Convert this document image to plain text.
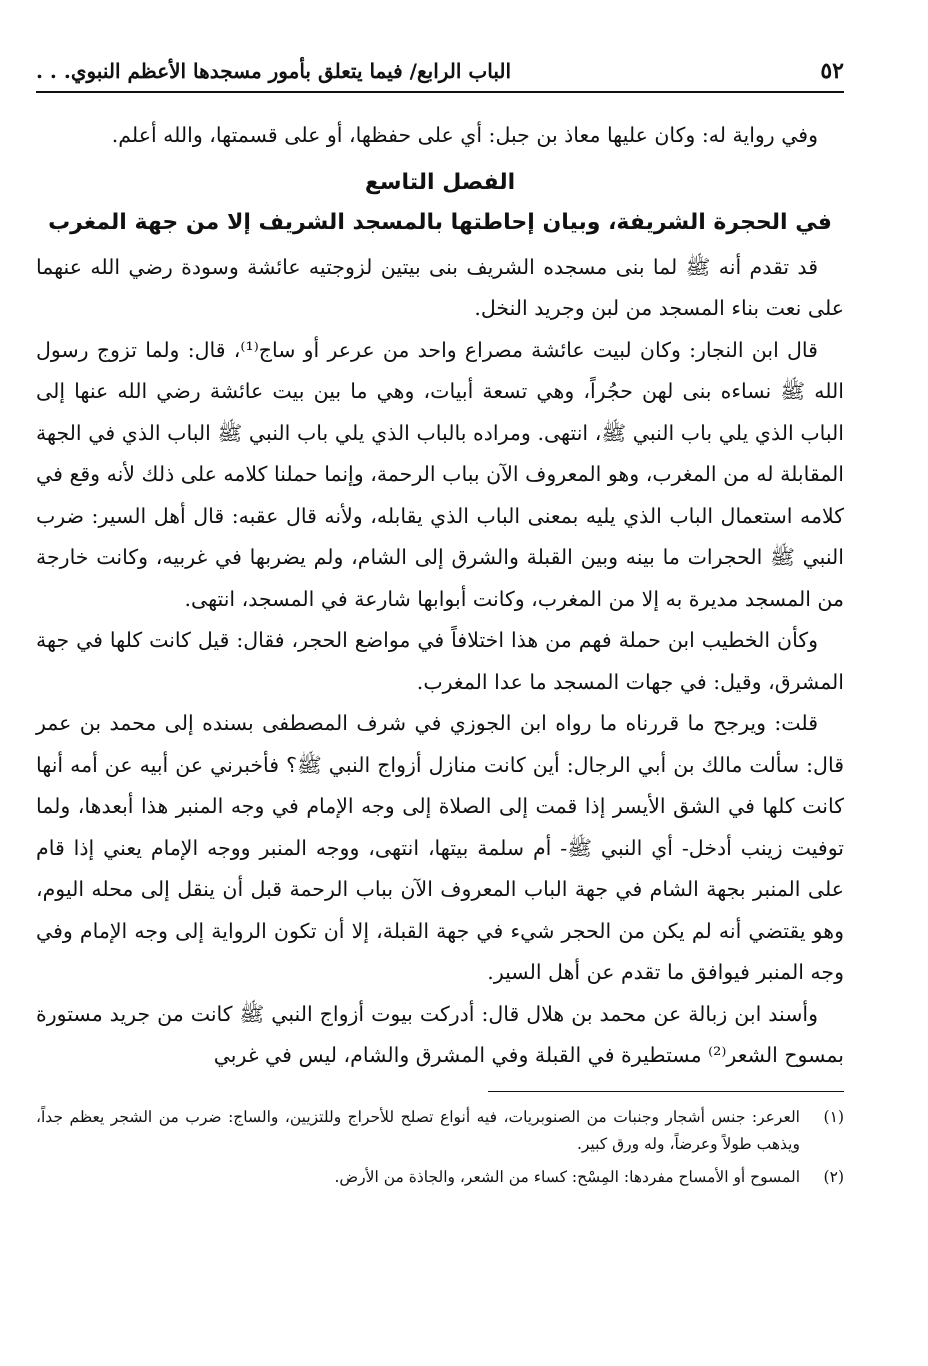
٥٢
الباب الرابع/ فيما يتعلق بأمور مسجدها الأعظم النبوي. . .

وفي رواية له: وكان عليها معاذ بن جبل: أي على حفظها، أو على قسمتها، والله أعلم.

الفصل التاسع
في الحجرة الشريفة، وبيان إحاطتها بالمسجد الشريف إلا من جهة المغرب

قد تقدم أنه ﷺ لما بنى مسجده الشريف بنى بيتين لزوجتيه عائشة وسودة رضي الله عنهما على نعت بناء المسجد من لبن وجريد النخل.

قال ابن النجار: وكان لبيت عائشة مصراع واحد من عرعر أو ساج⁽¹⁾، قال: ولما تزوج رسول الله ﷺ نساءه بنى لهن حجُراً، وهي تسعة أبيات، وهي ما بين بيت عائشة رضي الله عنها إلى الباب الذي يلي باب النبي ﷺ، انتهى. ومراده بالباب الذي يلي باب النبي ﷺ الباب الذي في الجهة المقابلة له من المغرب، وهو المعروف الآن بباب الرحمة، وإنما حملنا كلامه على ذلك لأنه وقع في كلامه استعمال الباب الذي يليه بمعنى الباب الذي يقابله، ولأنه قال عقبه: قال أهل السير: ضرب النبي ﷺ الحجرات ما بينه وبين القبلة والشرق إلى الشام، ولم يضربها في غربيه، وكانت خارجة من المسجد مديرة به إلا من المغرب، وكانت أبوابها شارعة في المسجد، انتهى.

وكأن الخطيب ابن حملة فهم من هذا اختلافاً في مواضع الحجر، فقال: قيل كانت كلها في جهة المشرق، وقيل: في جهات المسجد ما عدا المغرب.

قلت: ويرجح ما قررناه ما رواه ابن الجوزي في شرف المصطفى بسنده إلى محمد بن عمر قال: سألت مالك بن أبي الرجال: أين كانت منازل أزواج النبي ﷺ؟ فأخبرني عن أبيه عن أمه أنها كانت كلها في الشق الأيسر إذا قمت إلى الصلاة إلى وجه الإمام في وجه المنبر هذا أبعدها، ولما توفيت زينب أدخل- أي النبي ﷺ- أم سلمة بيتها، انتهى، ووجه المنبر ووجه الإمام يعني إذا قام على المنبر بجهة الشام في جهة الباب المعروف الآن بباب الرحمة قبل أن ينقل إلى محله اليوم، وهو يقتضي أنه لم يكن من الحجر شيء في جهة القبلة، إلا أن تكون الرواية إلى وجه الإمام وفي وجه المنبر فيوافق ما تقدم عن أهل السير.

وأسند ابن زبالة عن محمد بن هلال قال: أدركت بيوت أزواج النبي ﷺ كانت من جريد مستورة بمسوح الشعر⁽²⁾ مستطيرة في القبلة وفي المشرق والشام، ليس في غربي

(١)
العرعر: جنس أشجار وجنبات من الصنوبريات، فيه أنواع تصلح للأحراج وللتزيين، والساج: ضرب من الشجر يعظم جداً، ويذهب طولاً وعرضاً، وله ورق كبير.
(٢)
المسوح أو الأمساح مفردها: المِسْح: كساء من الشعر، والجاذة من الأرض.
